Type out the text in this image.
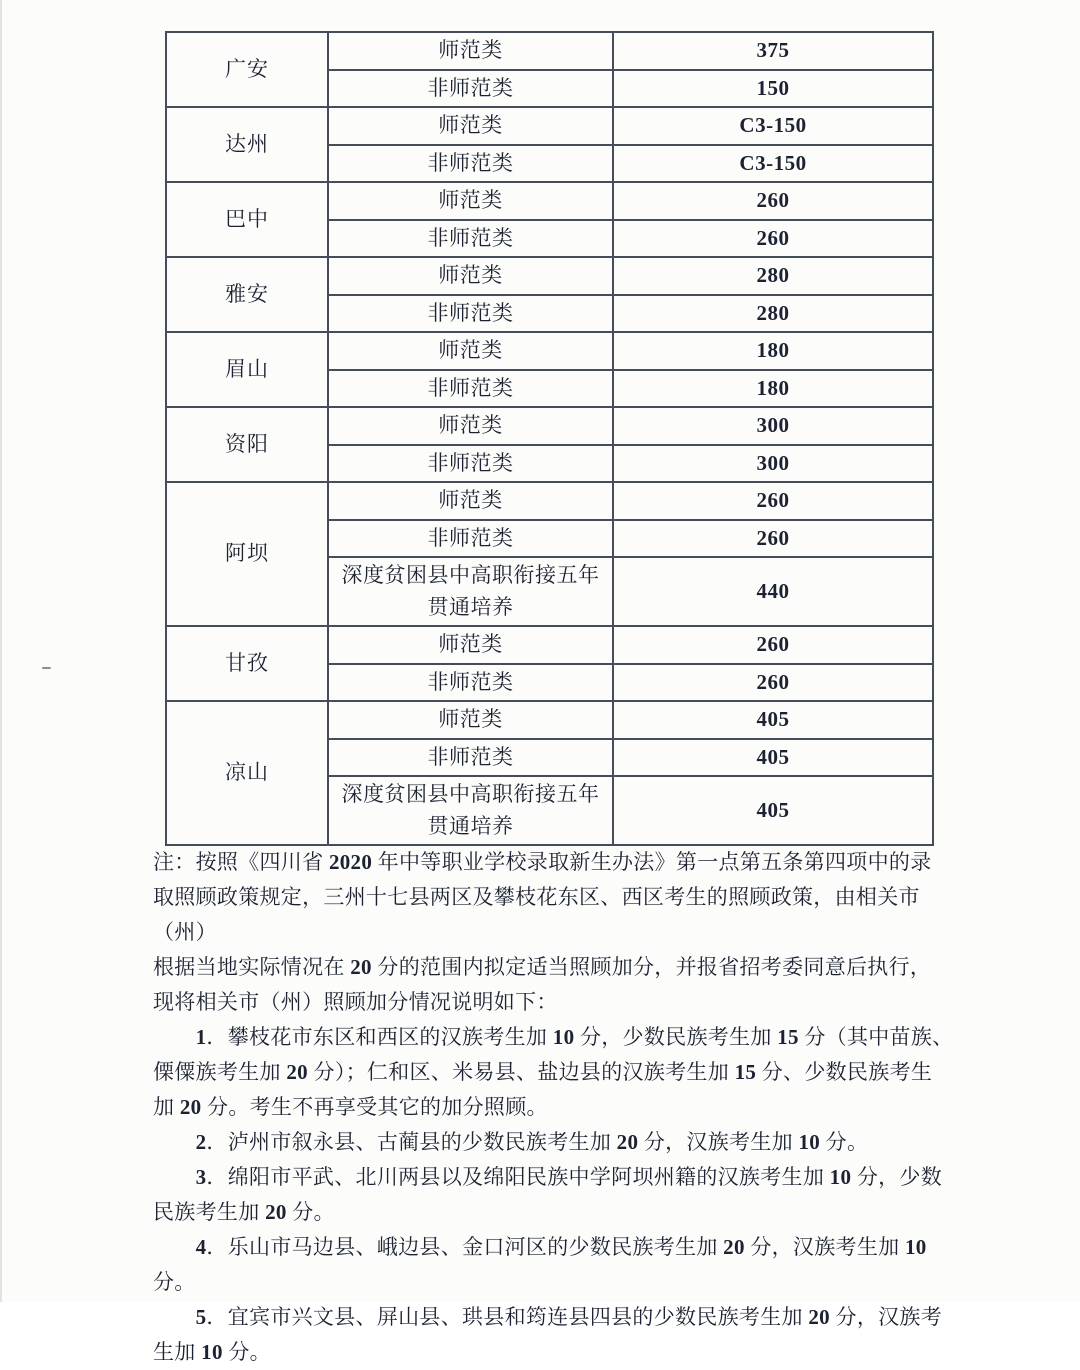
广安	师范类	375
	非师范类	150
达州	师范类	C3-150
	非师范类	C3-150
巴中	师范类	260
	非师范类	260
雅安	师范类	280
	非师范类	280
眉山	师范类	180
	非师范类	180
资阳	师范类	300
	非师范类	300
阿坝	师范类	260
	非师范类	260
	深度贫困县中高职衔接五年贯通培养	440
甘孜	师范类	260
	非师范类	260
凉山	师范类	405
	非师范类	405
	深度贫困县中高职衔接五年贯通培养	405
注：按照《四川省 2020 年中等职业学校录取新生办法》第一点第五条第四项中的录
取照顾政策规定，三州十七县两区及攀枝花东区、西区考生的照顾政策，由相关市（州）
根据当地实际情况在 20 分的范围内拟定适当照顾加分，并报省招考委同意后执行，
现将相关市（州）照顾加分情况说明如下：
　　1．攀枝花市东区和西区的汉族考生加 10 分，少数民族考生加 15 分（其中苗族、
傈僳族考生加 20 分）；仁和区、米易县、盐边县的汉族考生加 15 分、少数民族考生
加 20 分。考生不再享受其它的加分照顾。
　　2．泸州市叙永县、古蔺县的少数民族考生加 20 分，汉族考生加 10 分。
　　3．绵阳市平武、北川两县以及绵阳民族中学阿坝州籍的汉族考生加 10 分，少数
民族考生加 20 分。
　　4．乐山市马边县、峨边县、金口河区的少数民族考生加 20 分，汉族考生加 10 分。
　　5．宜宾市兴文县、屏山县、珙县和筠连县四县的少数民族考生加 20 分，汉族考
生加 10 分。
